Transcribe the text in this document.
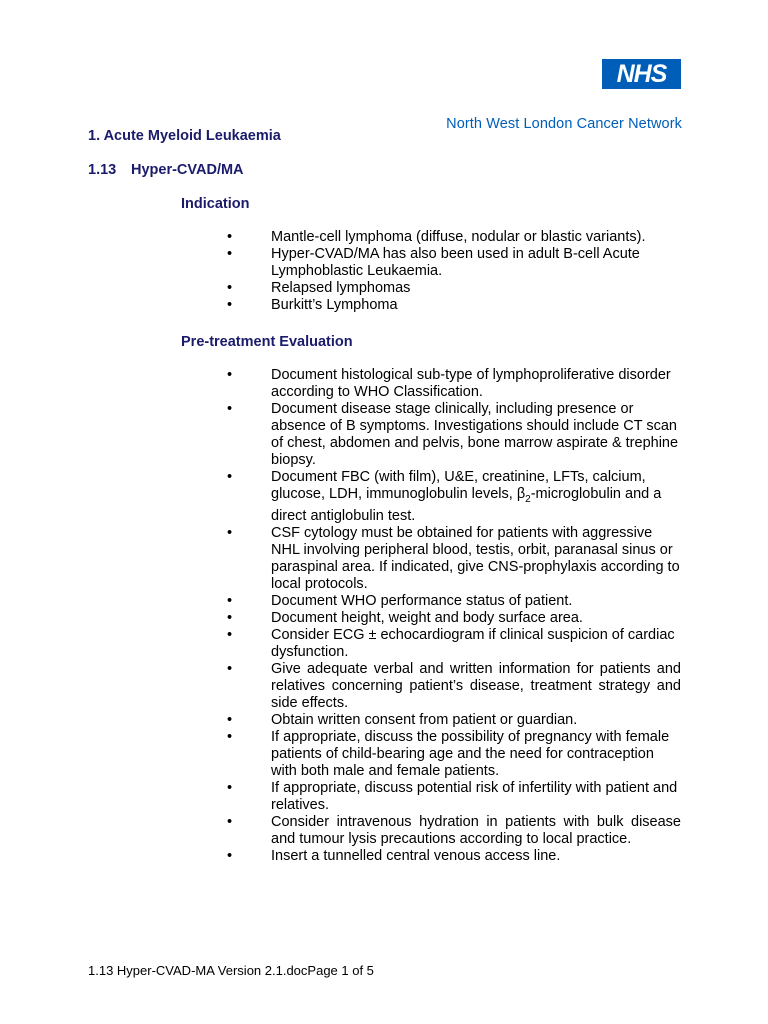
NHS
North West London Cancer Network
1. Acute Myeloid Leukaemia
1.13 Hyper-CVAD/MA
Indication
•	Mantle-cell lymphoma (diffuse, nodular or blastic variants).
•	Hyper-CVAD/MA has also been used in adult B-cell Acute Lymphoblastic Leukaemia.
•	Relapsed lymphomas
•	Burkitt’s Lymphoma
Pre-treatment Evaluation
•	Document histological sub-type of lymphoproliferative disorder according to WHO Classification.
•	Document disease stage clinically, including presence or absence of B symptoms. Investigations should include CT scan of chest, abdomen and pelvis, bone marrow aspirate & trephine biopsy.
•	Document FBC (with film), U&E, creatinine, LFTs, calcium, glucose, LDH, immunoglobulin levels, $\beta_2$-microglobulin and a direct antiglobulin test.
•	CSF cytology must be obtained for patients with aggressive NHL involving peripheral blood, testis, orbit, paranasal sinus or paraspinal area. If indicated, give CNS-prophylaxis according to local protocols.
•	Document WHO performance status of patient.
•	Document height, weight and body surface area.
•	Consider ECG ± echocardiogram if clinical suspicion of cardiac dysfunction.
•	Give adequate verbal and written information for patients and relatives concerning patient’s disease, treatment strategy and side effects.
•	Obtain written consent from patient or guardian.
•	If appropriate, discuss the possibility of pregnancy with female patients of child-bearing age and the need for contraception with both male and female patients.
•	If appropriate, discuss potential risk of infertility with patient and relatives.
•	Consider intravenous hydration in patients with bulk disease and tumour lysis precautions according to local practice.
•	Insert a tunnelled central venous access line.
1.13 Hyper-CVAD-MA Version 2.1.docPage 1 of 5
